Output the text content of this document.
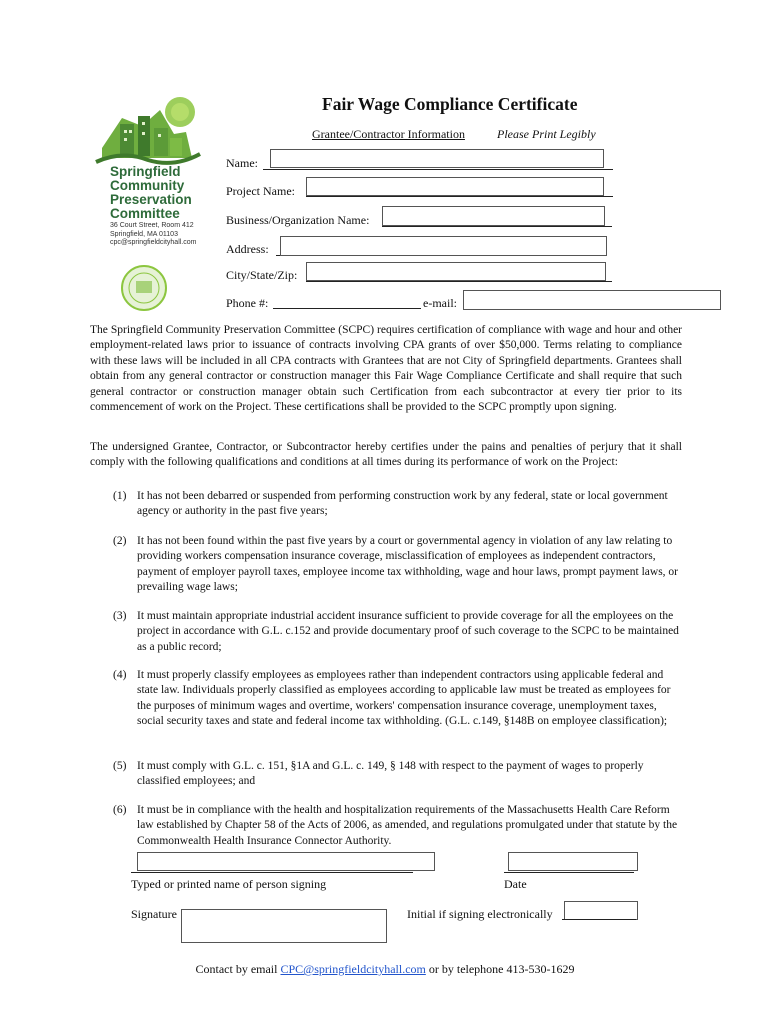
Springfield
Community
Preservation
Committee
36 Court Street, Room 412
Springfield, MA 01103
cpc@springfieldcityhall.com
Fair Wage Compliance Certificate
Grantee/Contractor Information	Please Print Legibly
Name:
Project Name:
Business/Organization Name:
Address:
City/State/Zip:
Phone #:	e-mail:
The Springfield Community Preservation Committee (SCPC) requires certification of compliance with wage and hour and other employment-related laws prior to issuance of contracts involving CPA grants of over $50,000. Terms relating to compliance with these laws will be included in all CPA contracts with Grantees that are not City of Springfield departments. Grantees shall obtain from any general contractor or construction manager this Fair Wage Compliance Certificate and shall require that such general contractor or construction manager obtain such Certification from each subcontractor at every tier prior to its commencement of work on the Project. These certifications shall be provided to the SCPC promptly upon signing.
The undersigned Grantee, Contractor, or Subcontractor hereby certifies under the pains and penalties of perjury that it shall comply with the following qualifications and conditions at all times during its performance of work on the Project:
(1) It has not been debarred or suspended from performing construction work by any federal, state or local government agency or authority in the past five years;
(2) It has not been found within the past five years by a court or governmental agency in violation of any law relating to providing workers compensation insurance coverage, misclassification of employees as independent contractors, payment of employer payroll taxes, employee income tax withholding, wage and hour laws, prompt payment laws, or prevailing wage laws;
(3) It must maintain appropriate industrial accident insurance sufficient to provide coverage for all the employees on the project in accordance with G.L. c.152 and provide documentary proof of such coverage to the SCPC to be maintained as a public record;
(4) It must properly classify employees as employees rather than independent contractors using applicable federal and state law. Individuals properly classified as employees according to applicable law must be treated as employees for the purposes of minimum wages and overtime, workers' compensation insurance coverage, unemployment taxes, social security taxes and state and federal income tax withholding. (G.L. c.149, §148B on employee classification);
(5) It must comply with G.L. c. 151, §1A and G.L. c. 149, § 148 with respect to the payment of wages to properly classified employees; and
(6) It must be in compliance with the health and hospitalization requirements of the Massachusetts Health Care Reform law established by Chapter 58 of the Acts of 2006, as amended, and regulations promulgated under that statute by the Commonwealth Health Insurance Connector Authority.
Typed or printed name of person signing	Date
Signature	Initial if signing electronically
Contact by email CPC@springfieldcityhall.com or by telephone 413-530-1629
